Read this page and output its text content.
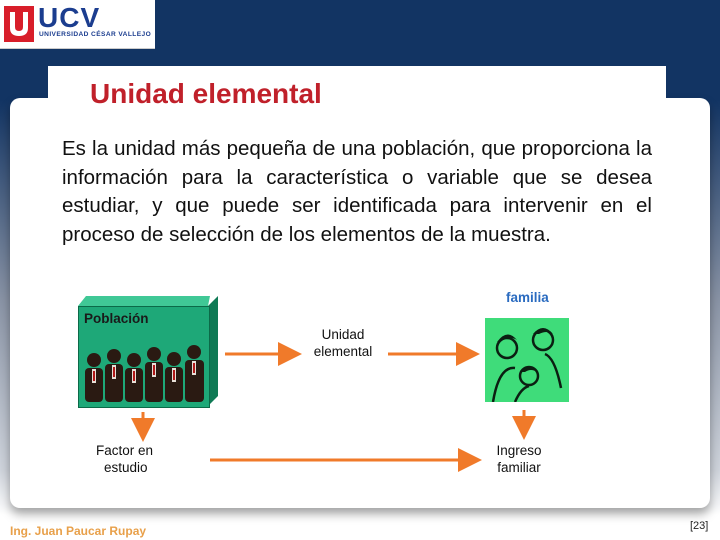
UCV
UNIVERSIDAD CÉSAR VALLEJO
Unidad elemental
Es la unidad más pequeña de una población, que proporciona la información para la característica o variable que se desea estudiar, y que puede ser identificada para intervenir en el proceso de selección de los elementos de la muestra.
Población
Unidad
elemental
familia
Factor en
estudio
Ingreso
familiar
Ing. Juan Paucar Rupay	[23]
